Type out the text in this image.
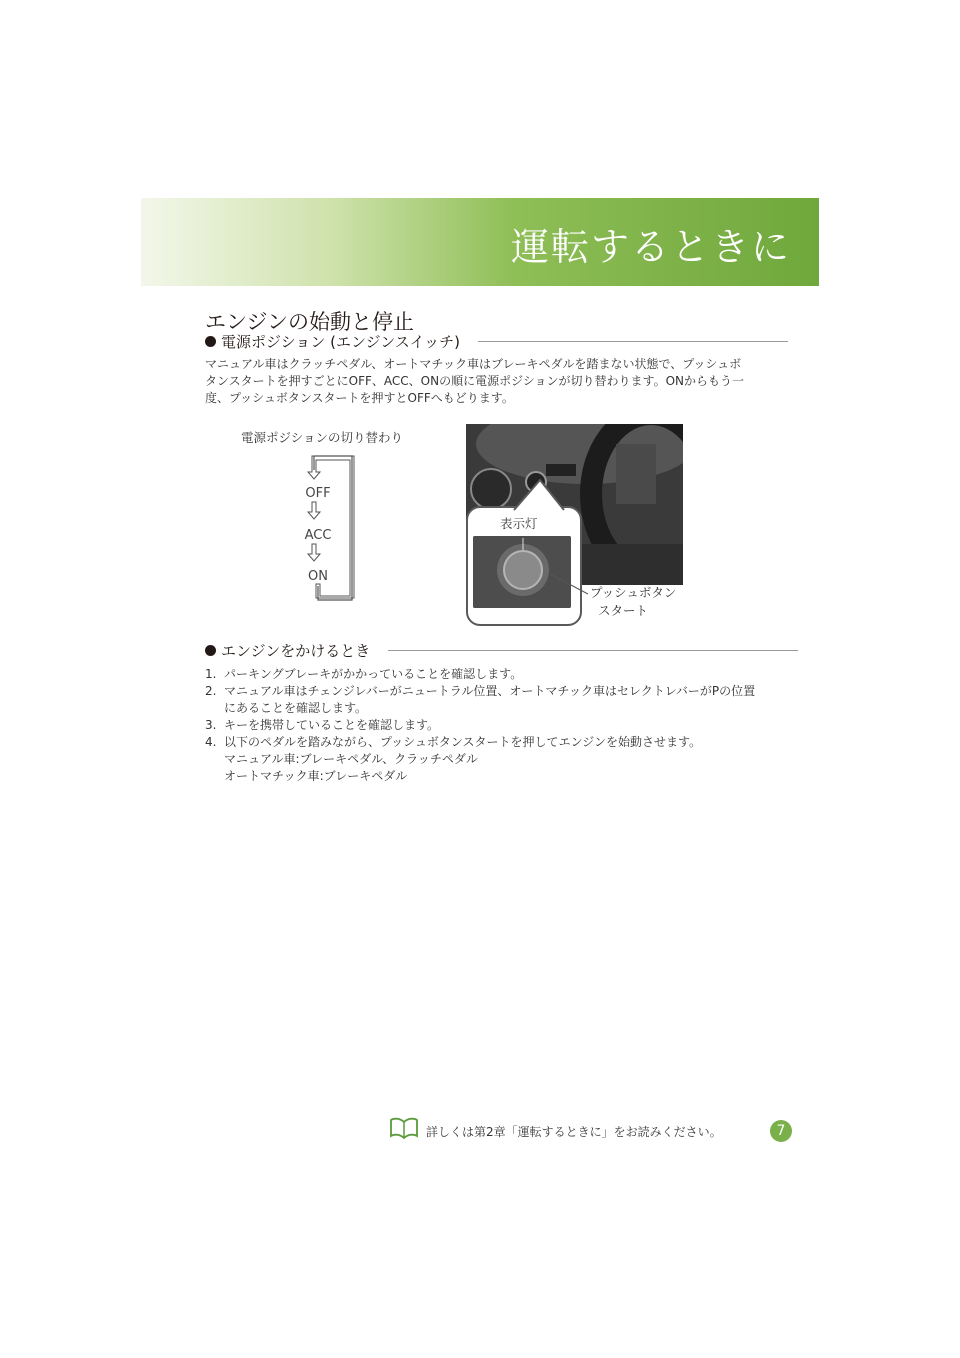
運転するときに
エンジンの始動と停止
電源ポジション (エンジンスイッチ)
マニュアル車はクラッチペダル、オートマチック車はブレーキペダルを踏まない状態で、プッシュボ
タンスタートを押すごとにOFF、ACC、ONの順に電源ポジションが切り替わります。ONからもう一
度、プッシュボタンスタートを押すとOFFへもどります。
電源ポジションの切り替わり
OFF
ACC
ON
表示灯
プッシュボタン
スタート
エンジンをかけるとき
1. パーキングブレーキがかかっていることを確認します。
2. マニュアル車はチェンジレバーがニュートラル位置、オートマチック車はセレクトレバーがPの位置
にあることを確認します。
3. キーを携帯していることを確認します。
4. 以下のペダルを踏みながら、プッシュボタンスタートを押してエンジンを始動させます。
マニュアル車:ブレーキペダル、クラッチペダル
オートマチック車:ブレーキペダル
詳しくは第2章「運転するときに」をお読みください。	7
